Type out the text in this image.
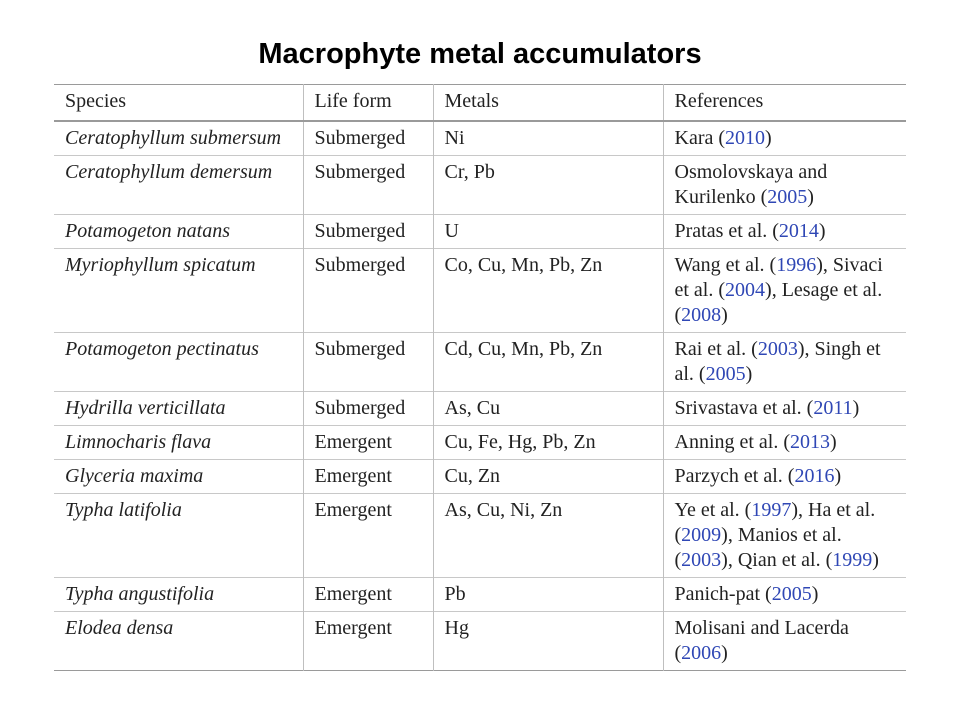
Macrophyte metal accumulators
Species	Life form	Metals	References
Ceratophyllum submersum	Submerged	Ni	Kara (2010)
Ceratophyllum demersum	Submerged	Cr, Pb	Osmolovskaya and Kurilenko (2005)
Potamogeton natans	Submerged	U	Pratas et al. (2014)
Myriophyllum spicatum	Submerged	Co, Cu, Mn, Pb, Zn	Wang et al. (1996), Sivaci et al. (2004), Lesage et al. (2008)
Potamogeton pectinatus	Submerged	Cd, Cu, Mn, Pb, Zn	Rai et al. (2003), Singh et al. (2005)
Hydrilla verticillata	Submerged	As, Cu	Srivastava et al. (2011)
Limnocharis flava	Emergent	Cu, Fe, Hg, Pb, Zn	Anning et al. (2013)
Glyceria maxima	Emergent	Cu, Zn	Parzych et al. (2016)
Typha latifolia	Emergent	As, Cu, Ni, Zn	Ye et al. (1997), Ha et al. (2009), Manios et al. (2003), Qian et al. (1999)
Typha angustifolia	Emergent	Pb	Panich-pat (2005)
Elodea densa	Emergent	Hg	Molisani and Lacerda (2006)
